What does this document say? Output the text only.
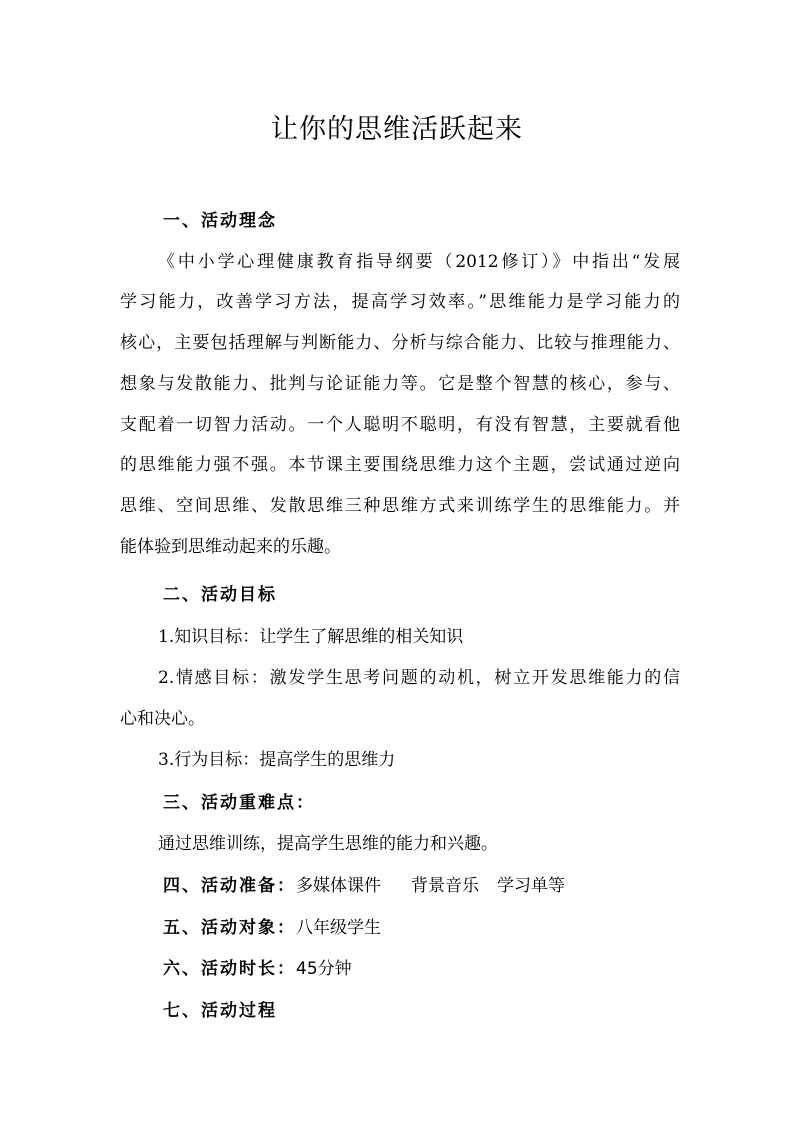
让你的思维活跃起来
一、活动理念
《中小学心理健康教育指导纲要（2012修订）》中指出“发展
学习能力，改善学习方法，提高学习效率。”思维能力是学习能力的
核心，主要包括理解与判断能力、分析与综合能力、比较与推理能力、
想象与发散能力、批判与论证能力等。它是整个智慧的核心，参与、
支配着一切智力活动。一个人聪明不聪明，有没有智慧，主要就看他
的思维能力强不强。本节课主要围绕思维力这个主题，尝试通过逆向
思维、空间思维、发散思维三种思维方式来训练学生的思维能力。并
能体验到思维动起来的乐趣。
二、活动目标
1.知识目标：让学生了解思维的相关知识
2.情感目标：激发学生思考问题的动机，树立开发思维能力的信
心和决心。
3.行为目标：提高学生的思维力
三、活动重难点：
通过思维训练，提高学生思维的能力和兴趣。
四、活动准备：多媒体课件 背景音乐 学习单等
五、活动对象：八年级学生
六、活动时长：45分钟
七、活动过程
